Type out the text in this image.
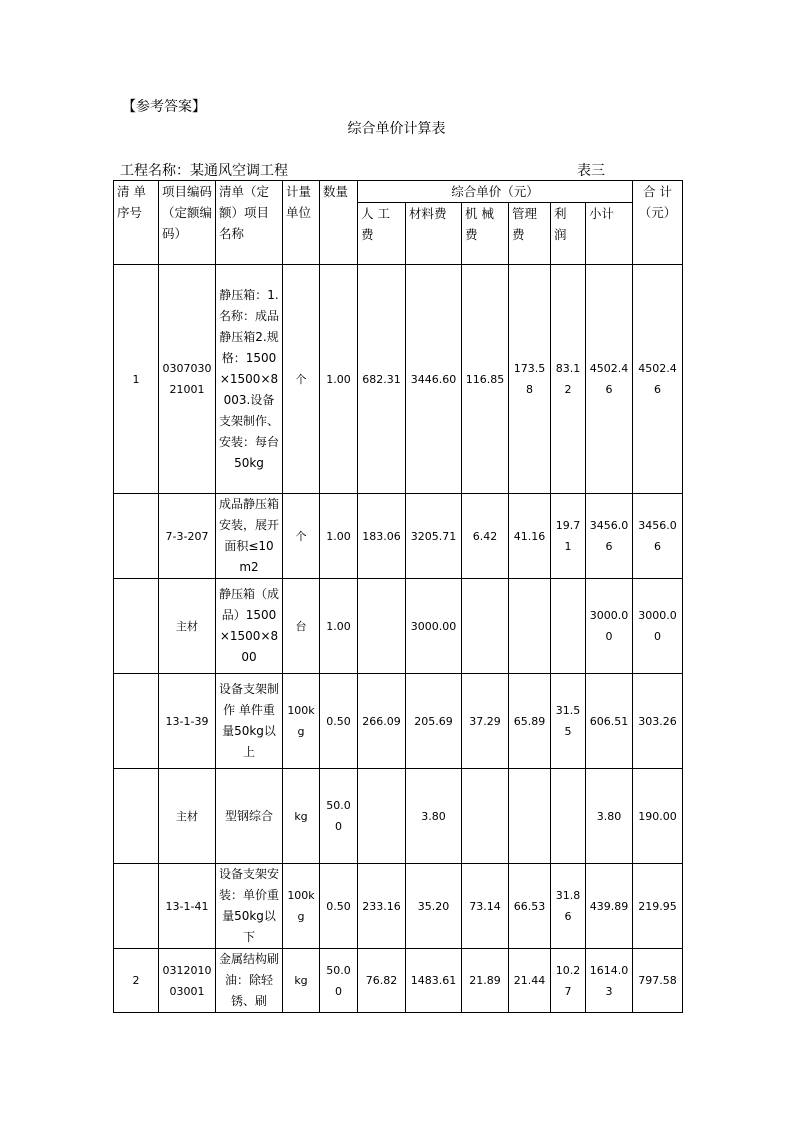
【参考答案】
综合单价计算表
工程名称：某通风空调工程	表三
清 单 序号	项目编码（定额编码）	清单（定额）项目名称	计量单位	数量	综合单价（元）						合 计（元）
					人 工 费	材料费	机 械 费	管理费	利 润	小计	
1	030703021001	静压箱：1.名称：成品静压箱2.规格：1500×1500×8003.设备支架制作、安装：每台50kg	个	1.00	682.31	3446.60	116.85	173.58	83.12	4502.46	4502.46
	7-3-207	成品静压箱安装，展开面积≤10m2	个	1.00	183.06	3205.71	6.42	41.16	19.71	3456.06	3456.06
	主材	静压箱（成品）1500×1500×800	台	1.00		3000.00				3000.00	3000.00
	13-1-39	设备支架制作 单件重量50kg以上	100kg	0.50	266.09	205.69	37.29	65.89	31.55	606.51	303.26
	主材	型钢综合	kg	50.00		3.80				3.80	190.00
	13-1-41	设备支架安装：单价重量50kg以下	100kg	0.50	233.16	35.20	73.14	66.53	31.86	439.89	219.95
2	031201003001	金属结构刷油：除轻锈、刷	kg	50.00	76.82	1483.61	21.89	21.44	10.27	1614.03	797.58
